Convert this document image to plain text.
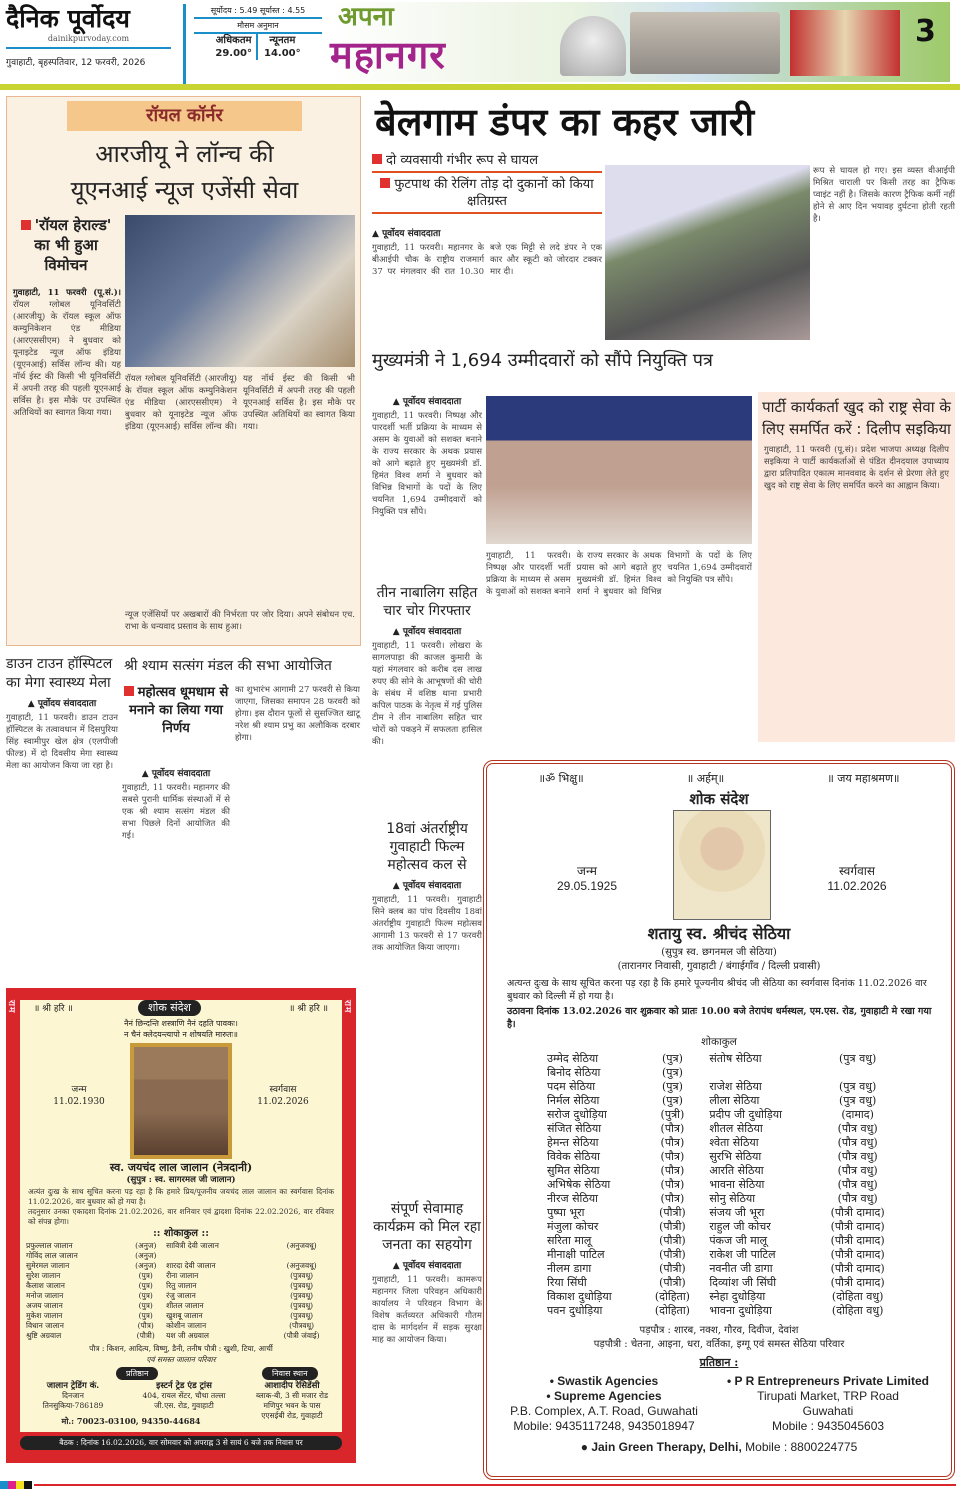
दैनिक पूर्वोदय
dainikpurvoday.com
गुवाहाटी, बृहस्पतिवार, 12 फरवरी, 2026
सूर्योदय : 5.49 सूर्यास्त : 4.55
मौसम अनुमान
अधिकतम
29.00°
न्यूनतम
14.00°
अपना
महानगर
3
रॉयल कॉर्नर
आरजीयू ने लॉन्च की
यूएनआई न्यूज एजेंसी सेवा
'रॉयल हेराल्ड' का भी हुआ विमोचन
गुवाहाटी, 11 फरवरी (पू.सं.)। रॉयल ग्लोबल यूनिवर्सिटी (आरजीयू) के रॉयल स्कूल ऑफ कम्युनिकेशन एंड मीडिया (आरएससीएम) ने बुधवार को यूनाइटेड न्यूज ऑफ इंडिया (यूएनआई) सर्विस लॉन्च की। यह नॉर्थ ईस्ट की किसी भी यूनिवर्सिटी में अपनी तरह की पहली यूएनआई सर्विस है। इस मौके पर उपस्थित अतिथियों का स्वागत किया गया।
रॉयल ग्लोबल यूनिवर्सिटी (आरजीयू) के रॉयल स्कूल ऑफ कम्युनिकेशन एंड मीडिया (आरएससीएम) ने बुधवार को यूनाइटेड न्यूज ऑफ इंडिया (यूएनआई) सर्विस लॉन्च की। यह नॉर्थ ईस्ट की किसी भी यूनिवर्सिटी में अपनी तरह की पहली यूएनआई सर्विस है। इस मौके पर उपस्थित अतिथियों का स्वागत किया गया।
न्यूज एजेंसियों पर अखबारों की निर्भरता पर जोर दिया। अपने संबोधन एच. राभा के धन्यवाद प्रस्ताव के साथ हुआ।
बेलगाम डंपर का कहर जारी
दो व्यवसायी गंभीर रूप से घायल
फुटपाथ की रेलिंग तोड़ दो दुकानों को किया क्षतिग्रस्त
▲ पूर्वोदय संवाददाता
गुवाहाटी, 11 फरवरी। महानगर के बीआईपी चौक के राष्ट्रीय राजमार्ग 37 पर मंगलवार की रात 10.30 बजे एक मिट्टी से लदे डंपर ने एक कार और स्कूटी को जोरदार टक्कर मार दी।
रूप से घायल हो गए। इस व्यस्त वीआईपी मिश्रित चाराली पर किसी तरह का ट्रैफिक प्वाइंट नहीं है। जिसके कारण ट्रैफिक कर्मी नहीं होने से आए दिन भयावह दुर्घटना होती रहती है।
मुख्यमंत्री ने 1,694 उम्मीदवारों को सौंपे नियुक्ति पत्र
▲ पूर्वोदय संवाददाता
गुवाहाटी, 11 फरवरी। निष्पक्ष और पारदर्शी भर्ती प्रक्रिया के माध्यम से असम के युवाओं को सशक्त बनाने के राज्य सरकार के अथक प्रयास को आगे बढ़ाते हुए मुख्यमंत्री डॉ. हिमंत विश्व शर्मा ने बुधवार को विभिन्न विभागों के पदों के लिए चयनित 1,694 उम्मीदवारों को नियुक्ति पत्र सौंपे।
गुवाहाटी, 11 फरवरी। निष्पक्ष और पारदर्शी भर्ती प्रक्रिया के माध्यम से असम के युवाओं को सशक्त बनाने के राज्य सरकार के अथक प्रयास को आगे बढ़ाते हुए मुख्यमंत्री डॉ. हिमंत विश्व शर्मा ने बुधवार को विभिन्न विभागों के पदों के लिए चयनित 1,694 उम्मीदवारों को नियुक्ति पत्र सौंपे।
पार्टी कार्यकर्ता खुद को राष्ट्र सेवा के लिए समर्पित करें : दिलीप सइकिया
गुवाहाटी, 11 फरवरी (पू.सं)। प्रदेश भाजपा अध्यक्ष दिलीप सइकिया ने पार्टी कार्यकर्ताओं से पंडित दीनदयाल उपाध्याय द्वारा प्रतिपादित एकात्म मानववाद के दर्शन से प्रेरणा लेते हुए खुद को राष्ट्र सेवा के लिए समर्पित करने का आह्वान किया।
तीन नाबालिग सहित चार चोर गिरफ्तार
▲ पूर्वोदय संवाददाता
गुवाहाटी, 11 फरवरी। लोखरा के सागलपाड़ा की काजल कुमारी के यहां मंगलवार को करीब दस लाख रुपए की सोने के आभूषणों की चोरी के संबंध में वशिष्ठ थाना प्रभारी कपिल पाठक के नेतृत्व में गई पुलिस टीम ने तीन नाबालिग सहित चार चोरों को पकड़ने में सफलता हासिल की।
18वां अंतर्राष्ट्रीय गुवाहाटी फिल्म महोत्सव कल से
▲ पूर्वोदय संवाददाता
गुवाहाटी, 11 फरवरी। गुवाहाटी सिने क्लब का पांच दिवसीय 18वां अंतर्राष्ट्रीय गुवाहाटी फिल्म महोत्सव आगामी 13 फरवरी से 17 फरवरी तक आयोजित किया जाएगा।
संपूर्ण सेवामाह कार्यक्रम को मिल रहा जनता का सहयोग
▲ पूर्वोदय संवाददाता
गुवाहाटी, 11 फरवरी। कामरूप महानगर जिला परिवहन अधिकारी कार्यालय ने परिवहन विभाग के विशेष कर्तव्यरत अधिकारी गौतम दास के मार्गदर्शन में सड़क सुरक्षा माह का आयोजन किया।
डाउन टाउन हॉस्पिटल का मेगा स्वास्थ्य मेला
▲ पूर्वोदय संवाददाता
गुवाहाटी, 11 फरवरी। डाउन टाउन हॉस्पिटल के तत्वावधान में दिसपुरिया सिंह स्वामीपुर खेल क्षेत्र (एलपीजी फील्ड) में दो दिवसीय मेगा स्वास्थ्य मेला का आयोजन किया जा रहा है।
श्री श्याम सत्संग मंडल की सभा आयोजित
महोत्सव धूमधाम से मनाने का लिया गया निर्णय
▲ पूर्वोदय संवाददाता
गुवाहाटी, 11 फरवरी। महानगर की सबसे पुरानी धार्मिक संस्थाओं में से एक श्री श्याम सत्संग मंडल की सभा पिछले दिनों आयोजित की गई।
का शुभारंभ आगामी 27 फरवरी से किया जाएगा, जिसका समापन 28 फरवरी को होगा। इस दौरान फूलों से सुसज्जित खाटू नरेश श्री श्याम प्रभु का अलौकिक दरबार होगा।
राम	राम
॥ श्री हरि ॥	शोक संदेश	॥ श्री हरि ॥
नैनं छिन्दन्ति शस्त्राणि नैनं दहति पावकः।
न चैनं क्लेदयन्त्यापो न शोषयति मारुतः॥
जन्म
11.02.1930
स्वर्गवास
11.02.2026
स्व. जयचंद लाल जालान (नेत्रदानी)
(सुपुत्र : स्व. सागरमल जी जालान)
अत्यंत दुःख के साथ सूचित करना पड़ रहा है कि हमारे प्रिय/पूजनीय जयचंद लाल जालान का स्वर्गवास दिनांक 11.02.2026, वार बुधवार को हो गया है।
तदनुसार उनका एकादशा दिनांक 21.02.2026, वार शनिवार एवं द्वादशा दिनांक 22.02.2026, वार रविवार को संपन्न होगा।
:: शोकाकुल ::
प्रफुल्लाल जालान	(अनुज)	सावित्री देवी जालान	(अनुजवधू)
गोविंद लाल जालान	(अनुज)		
सुमेरमल जालान	(अनुज)	शारदा देवी जालान	(अनुजवधू)
सुरेश जालान	(पुत्र)	रीना जालान	(पुत्रवधू)
कैलाश जालान	(पुत्र)	रितु जालान	(पुत्रवधू)
मनोज जालान	(पुत्र)	रंजु जालान	(पुत्रवधू)
अजय जालान	(पुत्र)	शीतल जालान	(पुत्रवधू)
मुकेश जालान	(पुत्र)	खुशबू जालान	(पुत्रवधू)
विधान जालान	(पौत्र)	कोशीन जालान	(पौत्रवधू)
श्रुष्टि अग्रवाल	(पौत्री)	यश जी अग्रवाल	(पौत्री जंवाई)
पौत्र : किशन, आदित्य, विष्णु, डैनी, तनीष पौत्री : खुशी, टिया, आर्ची
एवं समस्त जालान परिवार
प्रतिष्ठान	निवास स्थान
जालान ट्रेडिंग कं.
दिनजान
तिनसुकिया-786189
इस्टर्न ट्रेड एंड ट्रांस
404, रायल सेंटर, चौथा तल्ला
जी.एस. रोड, गुवाहाटी
आशादीप रेसिडेंसी
ब्लाक-बी, 3 सी मजार रोड
मणिपुर भवन के पास
एएसईबी रोड, गुवाहाटी
मो.: 70023-03100, 94350-44684
बैठक : दिनांक 16.02.2026, वार सोमवार को अपराह्न 3 से सायं 6 बजे तक निवास पर
॥ॐ भिक्षु॥	॥ अर्हम्॥	॥ जय महाश्रमण॥
शोक संदेश
जन्म
29.05.1925
स्वर्गवास
11.02.2026
शतायु स्व. श्रीचंद सेठिया
(सुपुत्र स्व. छगनमल जी सेठिया)
(तारानगर निवासी, गुवाहाटी / बंगाईगाँव / दिल्ली प्रवासी)
अत्यन्त दुःख के साथ सूचित करना पड़ रहा है कि हमारे पूज्यनीय श्रीचंद जी सेठिया का स्वर्गवास दिनांक 11.02.2026 वार बुधवार को दिल्ली में हो गया है।
उठावना दिनांक 13.02.2026 वार शुक्रवार को प्रातः 10.00 बजे तेरापंथ धर्मस्थल, एम.एस. रोड, गुवाहाटी मे रखा गया है।
शोकाकुल
उम्मेद सेठिया	(पुत्र)	संतोष सेठिया	(पुत्र वधु)
बिनोद सेठिया	(पुत्र)		
पदम सेठिया	(पुत्र)	राजेश सेठिया	(पुत्र वधु)
निर्मल सेठिया	(पुत्र)	लीला सेठिया	(पुत्र वधु)
सरोज दुधोड़िया	(पुत्री)	प्रदीप जी दुधोड़िया	(दामाद)
संजित सेठिया	(पौत्र)	शीतल सेठिया	(पौत्र वधु)
हेमन्त सेठिया	(पौत्र)	श्वेता सेठिया	(पौत्र वधु)
विवेक सेठिया	(पौत्र)	सुरभि सेठिया	(पौत्र वधु)
सुमित सेठिया	(पौत्र)	आरति सेठिया	(पौत्र वधु)
अभिषेक सेठिया	(पौत्र)	भावना सेठिया	(पौत्र वधु)
नीरज सेठिया	(पौत्र)	सोनु सेठिया	(पौत्र वधु)
पुष्पा भूरा	(पौत्री)	संजय जी भूरा	(पौत्री दामाद)
मंजुला कोचर	(पौत्री)	राहुल जी कोचर	(पौत्री दामाद)
सरिता मालू	(पौत्री)	पंकज जी मालू	(पौत्री दामाद)
मीनाक्षी पाटिल	(पौत्री)	राकेश जी पाटिल	(पौत्री दामाद)
नीलम डागा	(पौत्री)	नवनीत जी डागा	(पौत्री दामाद)
रिया सिंघी	(पौत्री)	दिव्यांश जी सिंघी	(पौत्री दामाद)
विकाश दुधोड़िया	(दोहिता)	स्नेहा दुधोड़िया	(दोहिता वधु)
पवन दुधोड़िया	(दोहिता)	भावना दुधोड़िया	(दोहिता वधु)
पड़पौत्र : शारब, नक्श, गौरव, दिवीज, देवांश
पड़पौत्री : चेतना, आइना, धरा, वर्तिका, इग्गू एवं समस्त सेठिया परिवार
प्रतिष्ठान :
• Swastik Agencies
• Supreme Agencies
P.B. Complex, A.T. Road, Guwahati
Mobile: 9435117248, 9435018947
• P R Entrepreneurs Private Limited
Tirupati Market, TRP Road
Guwahati
Mobile : 9435045603
● Jain Green Therapy, Delhi, Mobile : 8800224775
